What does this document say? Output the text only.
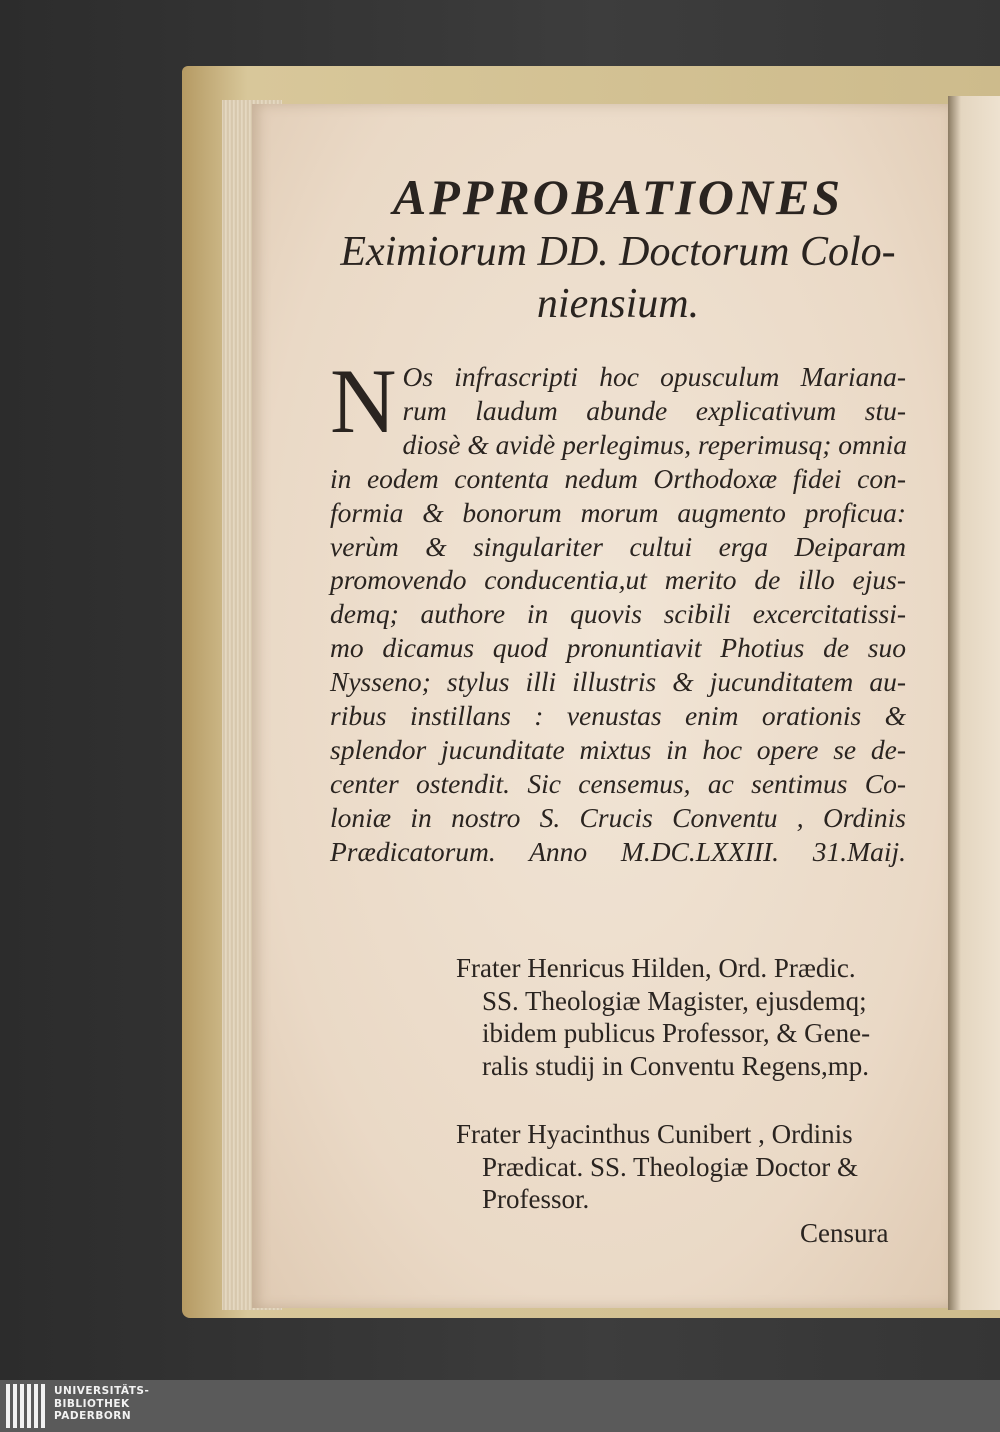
APPROBATIONES

Eximiorum DD. Doctorum Colo-

niensium.

N Os infrascripti hoc opusculum Mariana-
rum laudum abunde explicativum stu-
diosè & avidè perlegimus, reperimusq; omnia
in eodem contenta nedum Orthodoxæ fidei con-
formia & bonorum morum augmento proficua:
verùm & singulariter cultui erga Deiparam
promovendo conducentia,ut merito de illo ejus-
demq; authore in quovis scibili excercitatissi-
mo dicamus quod pronuntiavit Photius de suo
Nysseno; stylus illi illustris & jucunditatem au-
ribus instillans : venustas enim orationis &
splendor jucunditate mixtus in hoc opere se de-
center ostendit. Sic censemus, ac sentimus Co-
loniæ in nostro S. Crucis Conventu , Ordinis
Prædicatorum. Anno M.DC.LXXIII. 31.Maij.
Frater Henricus Hilden, Ord. Prædic.
SS. Theologiæ Magister, ejusdemq;
ibidem publicus Professor, & Gene-
ralis studij in Conventu Regens,mp.
Frater Hyacinthus Cunibert , Ordinis
Prædicat. SS. Theologiæ Doctor &
Professor.
Censura
UNIVERSITÄTS-
BIBLIOTHEK
PADERBORN
